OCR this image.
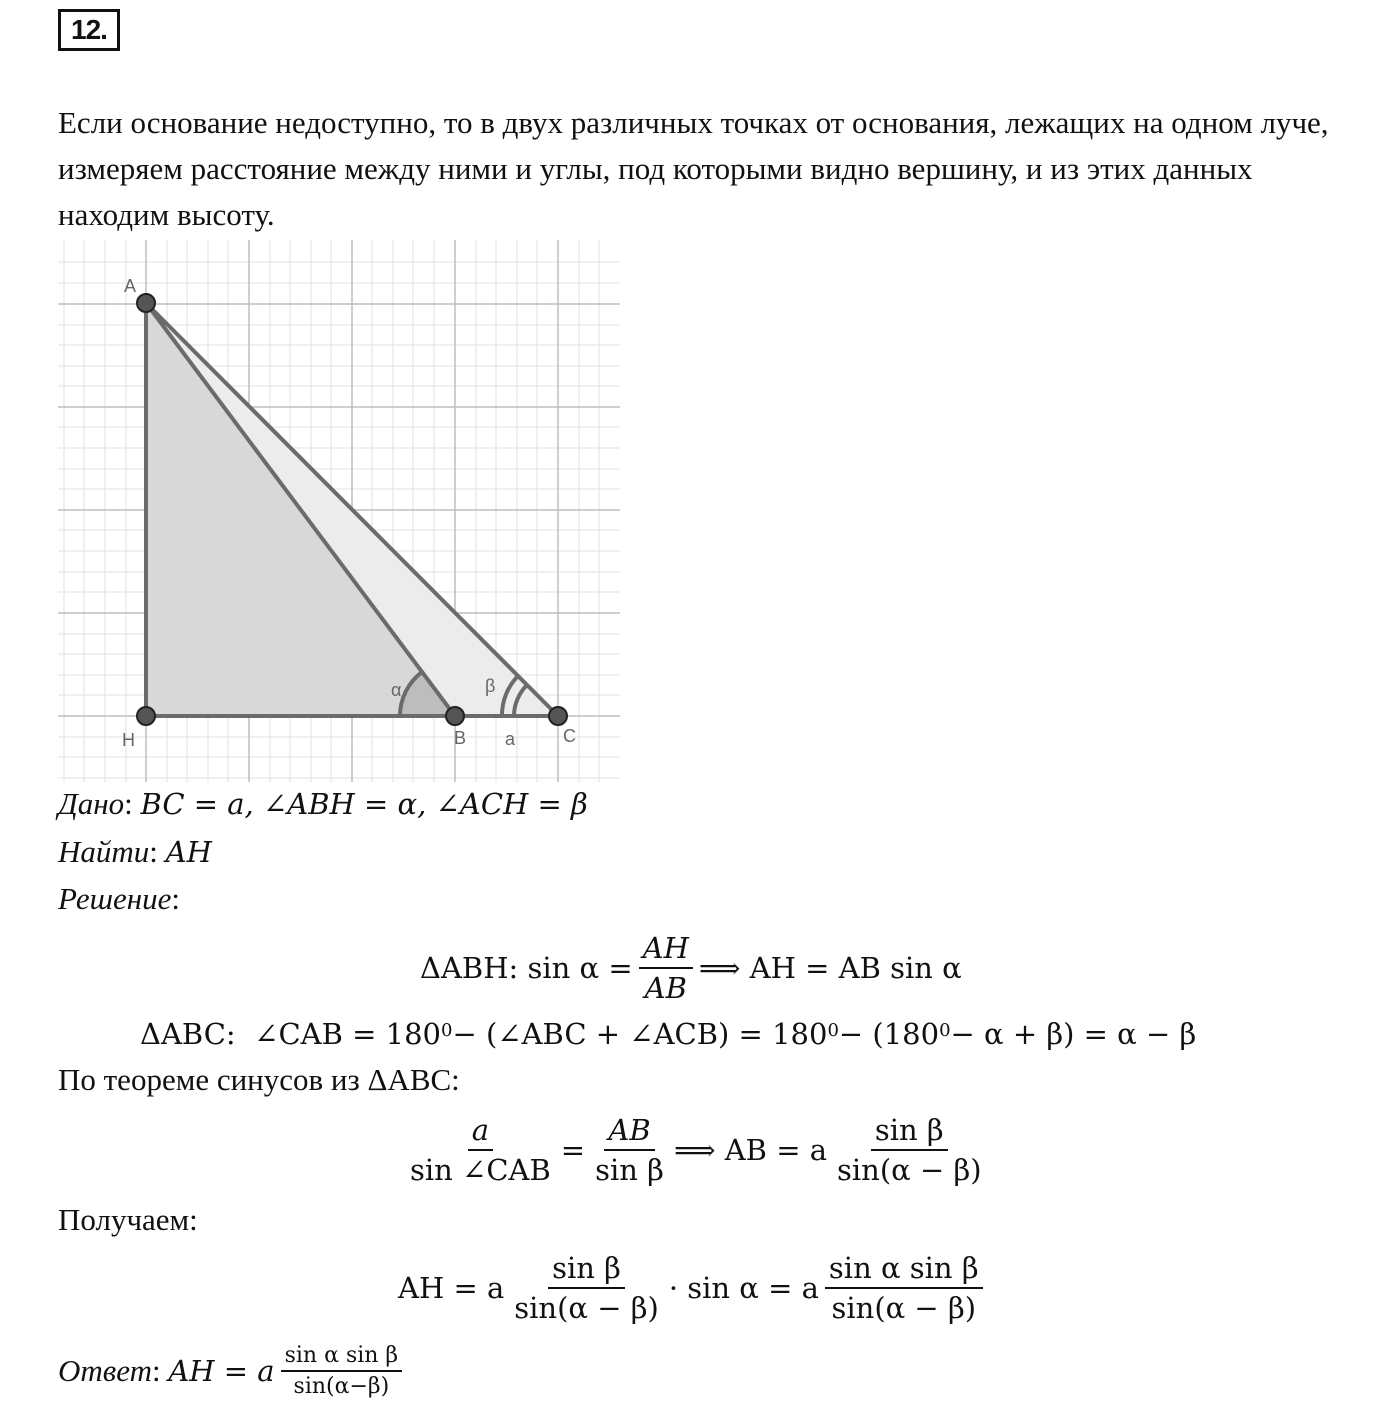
12.
Если основание недоступно, то в двух различных точках от основания, лежащих на одном луче, измеряем расстояние между ними и углы, под которыми видно вершину, и из этих данных находим высоту.
A
H	B	C
α	β
a
Дано : BC = a, ∠ABH = α, ∠ACH = β
Найти : AH
Решение :
ΔABH:
$\sin \alpha = \frac{AH}{AB}$ ⟹ AH = AB sin α
ΔABC:
∠CAB = $180^0$ − (∠ABC + ∠ACB) = $180^0 - (180^0 - \alpha + \beta) = \alpha - \beta$
По теореме синусов из ΔABC:
$\frac{a}{\text{sin ∠CAB}} = \frac{AB}{\text{sin β}}$ ⟹ AB = a $\frac{\text{sin β}}{\sin(\alpha - \beta)}$
Получаем:
AH = a $\frac{\text{sin β}}{\sin(\alpha - \beta)} \cdot \sin \alpha = a \frac{\text{sin α sin β}}{\sin(\alpha - \beta)}$
Ответ : AH = a $\frac{\text{sin α sin β}}{\sin(\alpha-\beta)}$
